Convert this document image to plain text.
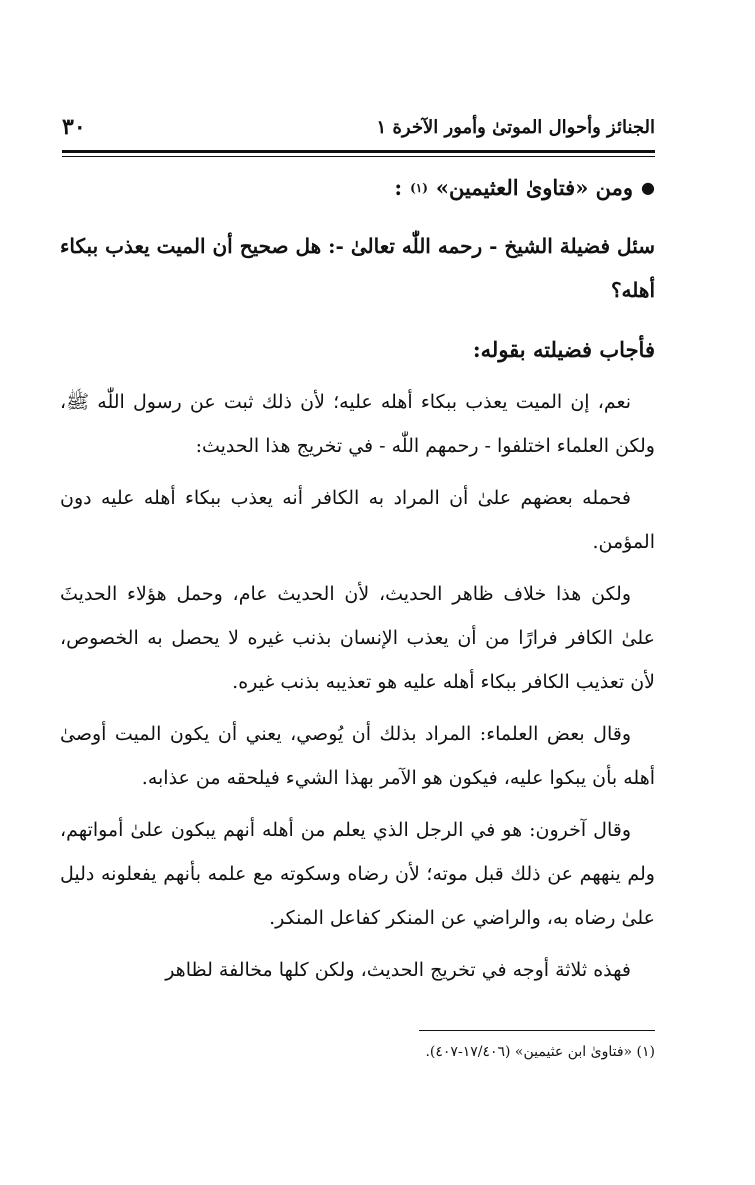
الجنائز وأحوال الموتىٰ وأمور الآخرة ١
٣٠
●
ومن «فتاوىٰ العثيمين»
(١)
:
سئل فضيلة الشيخ - رحمه اللّٰه تعالىٰ -: هل صحيح أن الميت يعذب ببكاء أهله؟
فأجاب فضيلته بقوله:

نعم، إن الميت يعذب ببكاء أهله عليه؛ لأن ذلك ثبت عن رسول اللّٰه ﷺ، ولكن العلماء اختلفوا - رحمهم اللّٰه - في تخريج هذا الحديث:

فحمله بعضهم علىٰ أن المراد به الكافر أنه يعذب ببكاء أهله عليه دون المؤمن.

ولكن هذا خلاف ظاهر الحديث، لأن الحديث عام، وحمل هؤلاء الحديثَ علىٰ الكافر فرارًا من أن يعذب الإنسان بذنب غيره لا يحصل به الخصوص، لأن تعذيب الكافر ببكاء أهله عليه هو تعذيبه بذنب غيره.

وقال بعض العلماء: المراد بذلك أن يُوصي، يعني أن يكون الميت أوصىٰ أهله بأن يبكوا عليه، فيكون هو الآمر بهذا الشيء فيلحقه من عذابه.

وقال آخرون: هو في الرجل الذي يعلم من أهله أنهم يبكون علىٰ أمواتهم، ولم ينههم عن ذلك قبل موته؛ لأن رضاه وسكوته مع علمه بأنهم يفعلونه دليل علىٰ رضاه به، والراضي عن المنكر كفاعل المنكر.

فهذه ثلاثة أوجه في تخريج الحديث، ولكن كلها مخالفة لظاهر

(١) «فتاوىٰ ابن عثيمين» (١٧/٤٠٦-٤٠٧).
